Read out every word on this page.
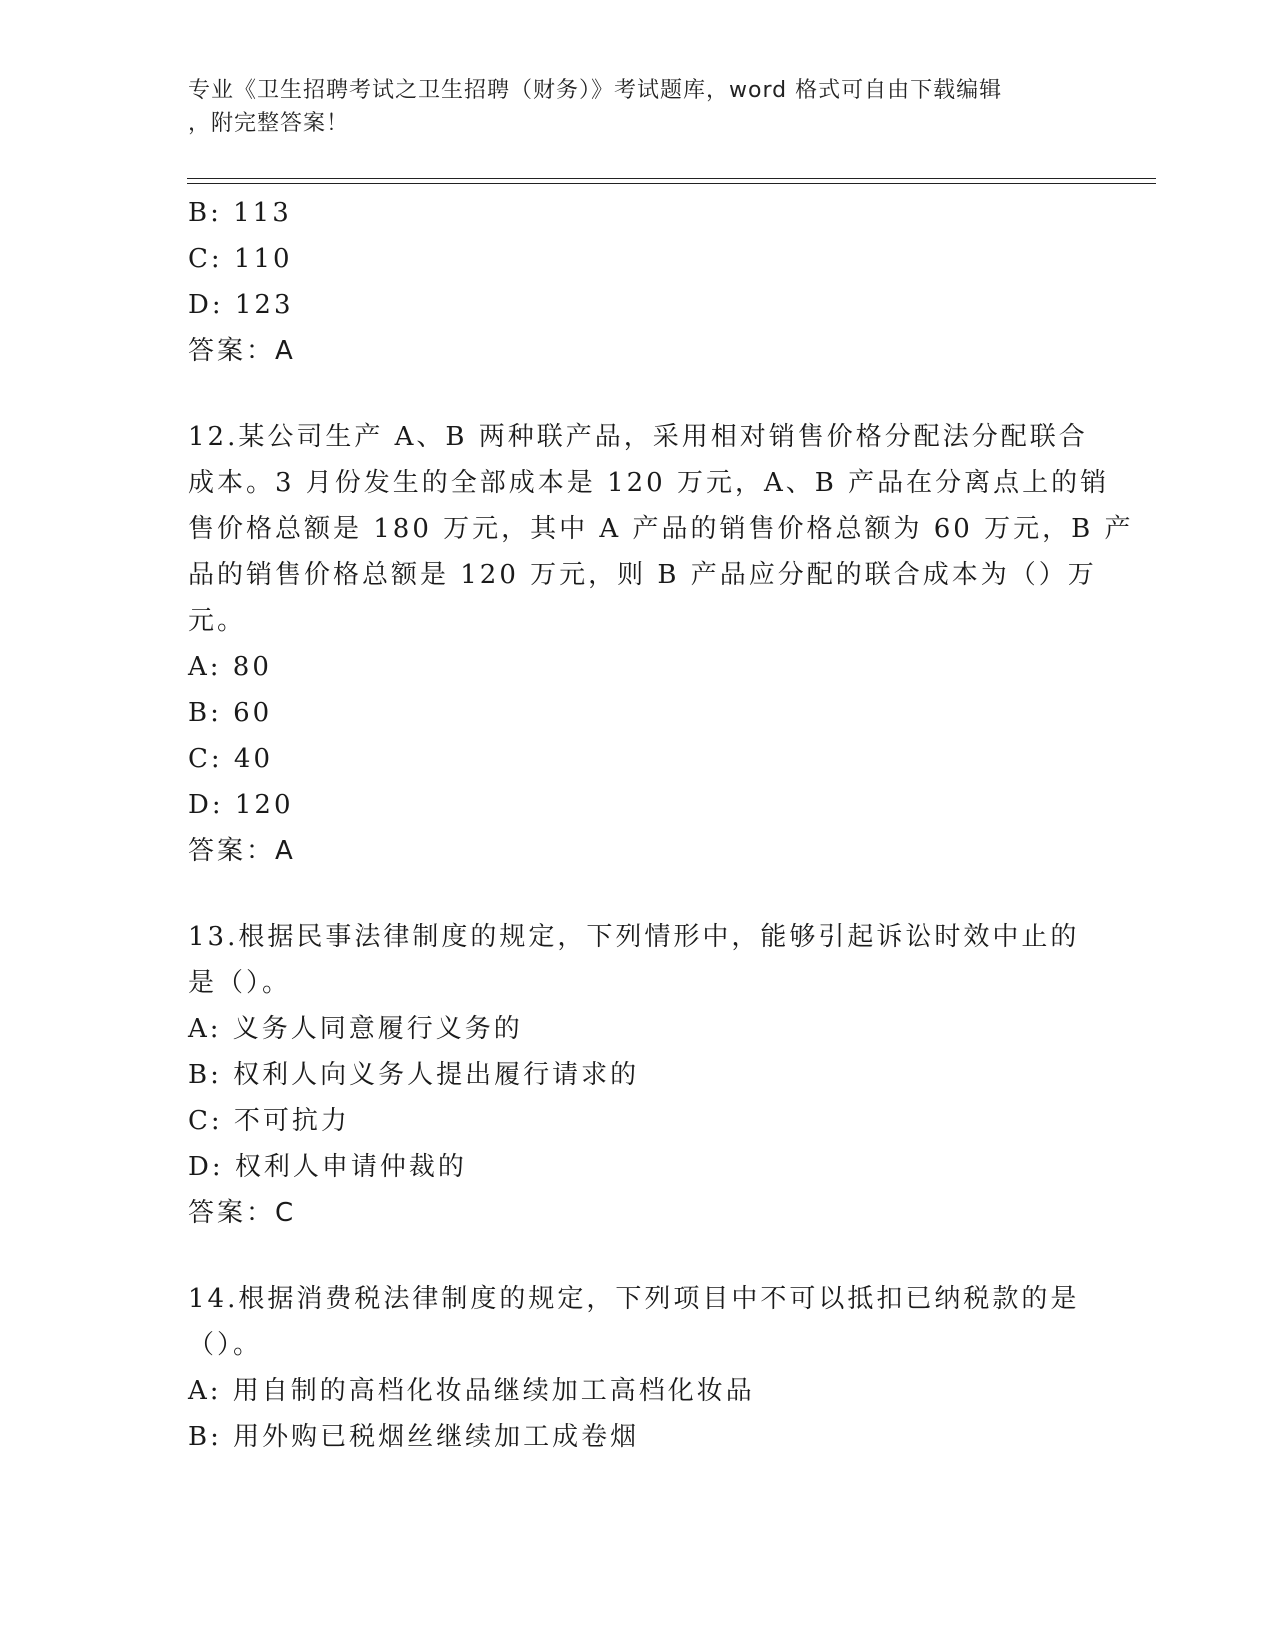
专业《卫生招聘考试之卫生招聘（财务）》考试题库，word 格式可自由下载编辑
，附完整答案！
B: 113
C: 110
D: 123
答案：A
12.某公司生产 A、B 两种联产品，采用相对销售价格分配法分配联合
成本。3 月份发生的全部成本是 120 万元，A、B 产品在分离点上的销
售价格总额是 180 万元，其中 A 产品的销售价格总额为 60 万元，B 产
品的销售价格总额是 120 万元，则 B 产品应分配的联合成本为（）万
元。
A: 80
B: 60
C: 40
D: 120
答案：A
13.根据民事法律制度的规定，下列情形中，能够引起诉讼时效中止的
是（）。
A: 义务人同意履行义务的
B: 权利人向义务人提出履行请求的
C: 不可抗力
D: 权利人申请仲裁的
答案：C
14.根据消费税法律制度的规定，下列项目中不可以抵扣已纳税款的是
（）。
A: 用自制的高档化妆品继续加工高档化妆品
B: 用外购已税烟丝继续加工成卷烟
